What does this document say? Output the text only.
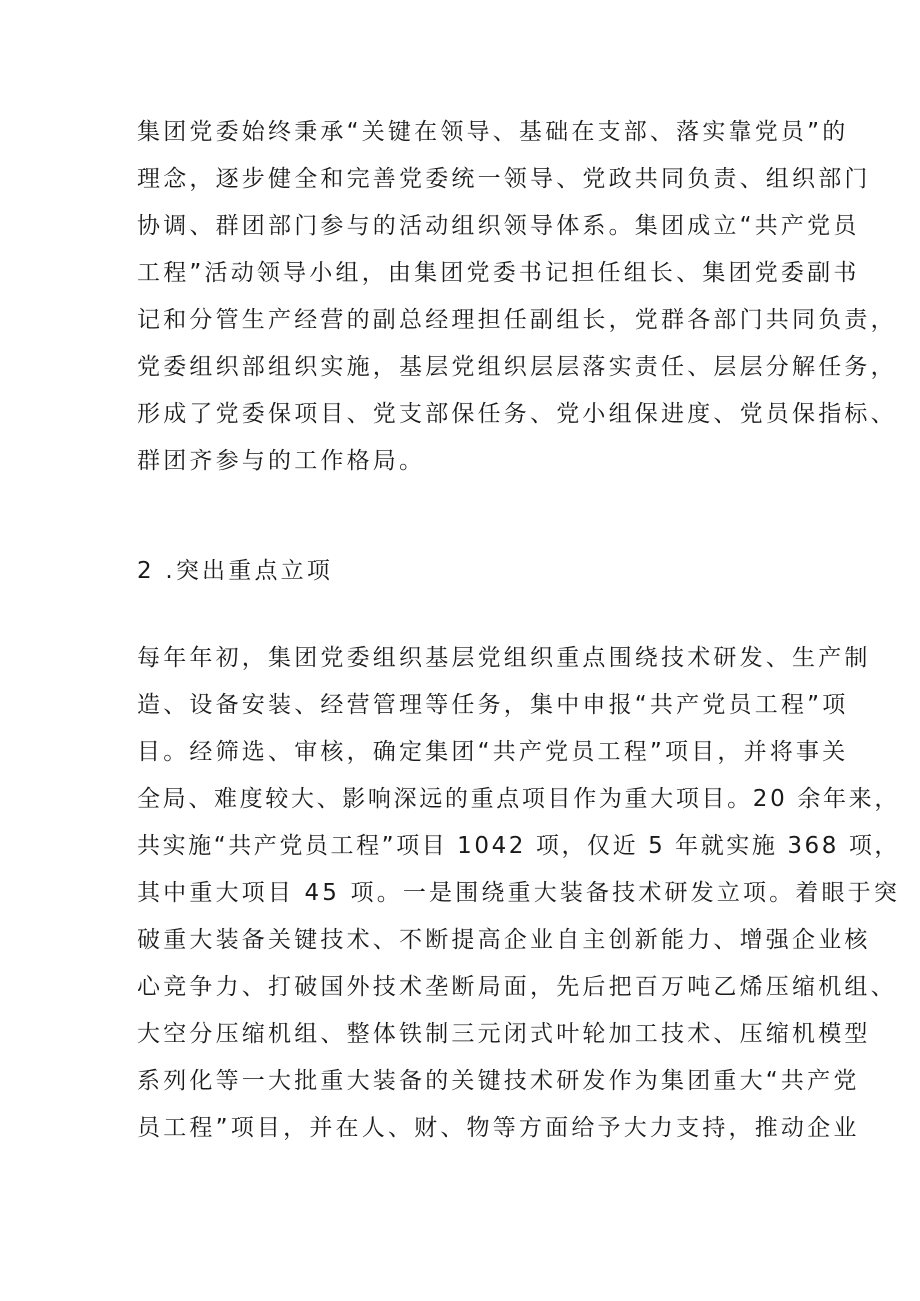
集团党委始终秉承“关键在领导、基础在支部、落实靠党员”的
理念，逐步健全和完善党委统一领导、党政共同负责、组织部门
协调、群团部门参与的活动组织领导体系。集团成立“共产党员
工程”活动领导小组，由集团党委书记担任组长、集团党委副书
记和分管生产经营的副总经理担任副组长，党群各部门共同负责，
党委组织部组织实施，基层党组织层层落实责任、层层分解任务，
形成了党委保项目、党支部保任务、党小组保进度、党员保指标、
群团齐参与的工作格局。
2 .突出重点立项
每年年初，集团党委组织基层党组织重点围绕技术研发、生产制
造、设备安装、经营管理等任务，集中申报“共产党员工程”项
目。经筛选、审核，确定集团“共产党员工程”项目，并将事关
全局、难度较大、影响深远的重点项目作为重大项目。20 余年来，
共实施“共产党员工程”项目 1042 项，仅近 5 年就实施 368 项，
其中重大项目 45 项。一是围绕重大装备技术研发立项。着眼于突
破重大装备关键技术、不断提高企业自主创新能力、增强企业核
心竞争力、打破国外技术垄断局面，先后把百万吨乙烯压缩机组、
大空分压缩机组、整体铁制三元闭式叶轮加工技术、压缩机模型
系列化等一大批重大装备的关键技术研发作为集团重大“共产党
员工程”项目，并在人、财、物等方面给予大力支持，推动企业
